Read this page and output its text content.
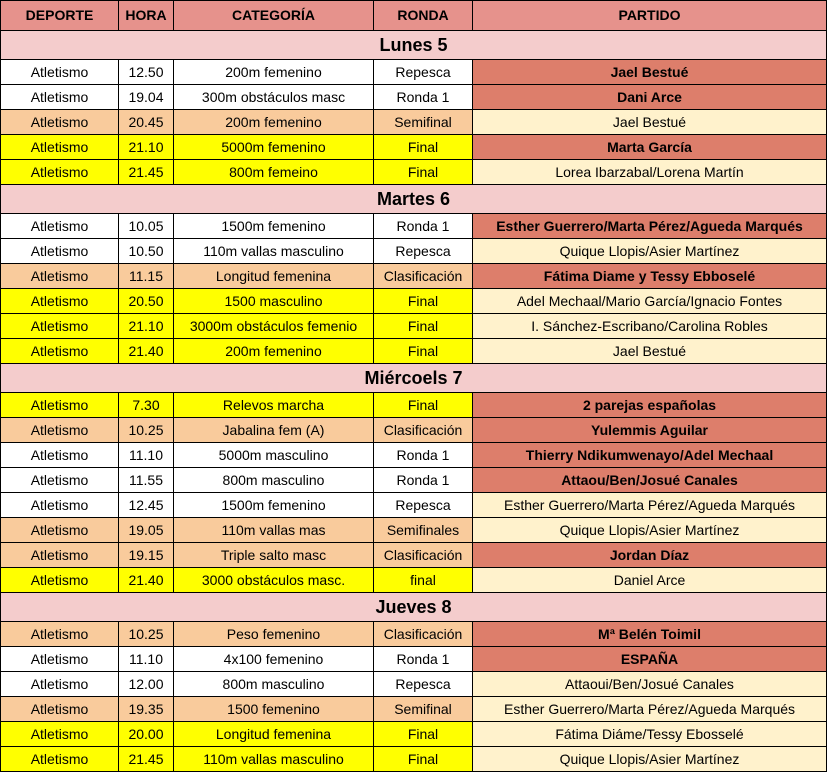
DEPORTE	HORA	CATEGORÍA	RONDA	PARTIDO
Lunes 5				
Atletismo	12.50	200m femenino	Repesca	Jael Bestué
Atletismo	19.04	300m obstáculos masc	Ronda 1	Dani Arce
Atletismo	20.45	200m femenino	Semifinal	Jael Bestué
Atletismo	21.10	5000m femenino	Final	Marta García
Atletismo	21.45	800m femeino	Final	Lorea Ibarzabal/Lorena Martín
Martes 6				
Atletismo	10.05	1500m femenino	Ronda 1	Esther Guerrero/Marta Pérez/Agueda Marqués
Atletismo	10.50	110m vallas masculino	Repesca	Quique Llopis/Asier Martínez
Atletismo	11.15	Longitud femenina	Clasificación	Fátima Diame y Tessy Ebboselé
Atletismo	20.50	1500 masculino	Final	Adel Mechaal/Mario García/Ignacio Fontes
Atletismo	21.10	3000m obstáculos femenio	Final	I. Sánchez-Escribano/Carolina Robles
Atletismo	21.40	200m femenino	Final	Jael Bestué
Miércoels 7				
Atletismo	7.30	Relevos marcha	Final	2 parejas españolas
Atletismo	10.25	Jabalina fem (A)	Clasificación	Yulemmis Aguilar
Atletismo	11.10	5000m masculino	Ronda 1	Thierry Ndikumwenayo/Adel Mechaal
Atletismo	11.55	800m masculino	Ronda 1	Attaou/Ben/Josué Canales
Atletismo	12.45	1500m femenino	Repesca	Esther Guerrero/Marta Pérez/Agueda Marqués
Atletismo	19.05	110m vallas mas	Semifinales	Quique Llopis/Asier Martínez
Atletismo	19.15	Triple salto masc	Clasificación	Jordan Díaz
Atletismo	21.40	3000 obstáculos masc.	final	Daniel Arce
Jueves 8				
Atletismo	10.25	Peso femenino	Clasificación	Mª Belén Toimil
Atletismo	11.10	4x100 femenino	Ronda 1	ESPAÑA
Atletismo	12.00	800m masculino	Repesca	Attaoui/Ben/Josué Canales
Atletismo	19.35	1500 femenino	Semifinal	Esther Guerrero/Marta Pérez/Agueda Marqués
Atletismo	20.00	Longitud femenina	Final	Fátima Diáme/Tessy Ebosselé
Atletismo	21.45	110m vallas masculino	Final	Quique Llopis/Asier Martínez
